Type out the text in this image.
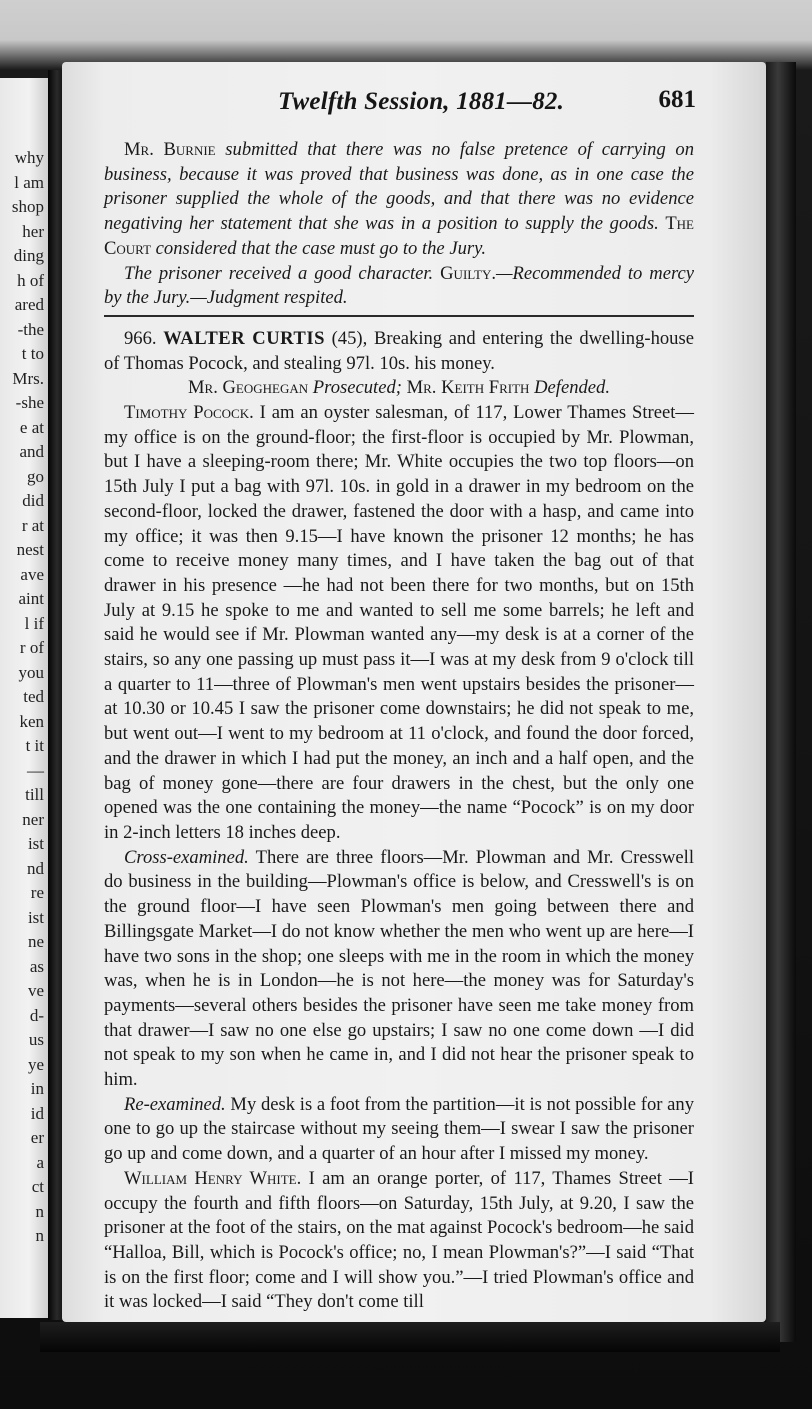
why
l am
shop
her
ding
h of
ared
-the
t to
Mrs.
-she
e at
and
go
did
r at
nest
ave
aint
l if
r of
you
ted
ken
t it
—
till
ner
ist
nd
re
ist
ne
as
ve
d-
us
ye
in
id
er
a
ct
n
n
Twelfth Session, 1881—82.	681

Mr. Burnie submitted that there was no false pretence of carrying on business, because it was proved that business was done, as in one case the prisoner supplied the whole of the goods, and that there was no evidence negativing her statement that she was in a position to supply the goods. The Court considered that the case must go to the Jury.

The prisoner received a good character. Guilty.—Recommended to mercy by the Jury.—Judgment respited.

966. WALTER CURTIS (45), Breaking and entering the dwelling-house of Thomas Pocock, and stealing 97l. 10s. his money.

Mr. Geoghegan Prosecuted; Mr. Keith Frith Defended.

Timothy Pocock. I am an oyster salesman, of 117, Lower Thames Street—my office is on the ground-floor; the first-floor is occupied by Mr. Plowman, but I have a sleeping-room there; Mr. White occupies the two top floors—on 15th July I put a bag with 97l. 10s. in gold in a drawer in my bedroom on the second-floor, locked the drawer, fastened the door with a hasp, and came into my office; it was then 9.15—I have known the prisoner 12 months; he has come to receive money many times, and I have taken the bag out of that drawer in his presence —he had not been there for two months, but on 15th July at 9.15 he spoke to me and wanted to sell me some barrels; he left and said he would see if Mr. Plowman wanted any—my desk is at a corner of the stairs, so any one passing up must pass it—I was at my desk from 9 o'clock till a quarter to 11—three of Plowman's men went upstairs besides the prisoner—at 10.30 or 10.45 I saw the prisoner come downstairs; he did not speak to me, but went out—I went to my bedroom at 11 o'clock, and found the door forced, and the drawer in which I had put the money, an inch and a half open, and the bag of money gone—there are four drawers in the chest, but the only one opened was the one containing the money—the name “Pocock” is on my door in 2-inch letters 18 inches deep.

Cross-examined. There are three floors—Mr. Plowman and Mr. Cresswell do business in the building—Plowman's office is below, and Cresswell's is on the ground floor—I have seen Plowman's men going between there and Billingsgate Market—I do not know whether the men who went up are here—I have two sons in the shop; one sleeps with me in the room in which the money was, when he is in London—he is not here—the money was for Saturday's payments—several others besides the prisoner have seen me take money from that drawer—I saw no one else go upstairs; I saw no one come down —I did not speak to my son when he came in, and I did not hear the prisoner speak to him.

Re-examined. My desk is a foot from the partition—it is not possible for any one to go up the staircase without my seeing them—I swear I saw the prisoner go up and come down, and a quarter of an hour after I missed my money.

William Henry White. I am an orange porter, of 117, Thames Street —I occupy the fourth and fifth floors—on Saturday, 15th July, at 9.20, I saw the prisoner at the foot of the stairs, on the mat against Pocock's bedroom—he said “Halloa, Bill, which is Pocock's office; no, I mean Plowman's?”—I said “That is on the first floor; come and I will show you.”—I tried Plowman's office and it was locked—I said “They don't come till
